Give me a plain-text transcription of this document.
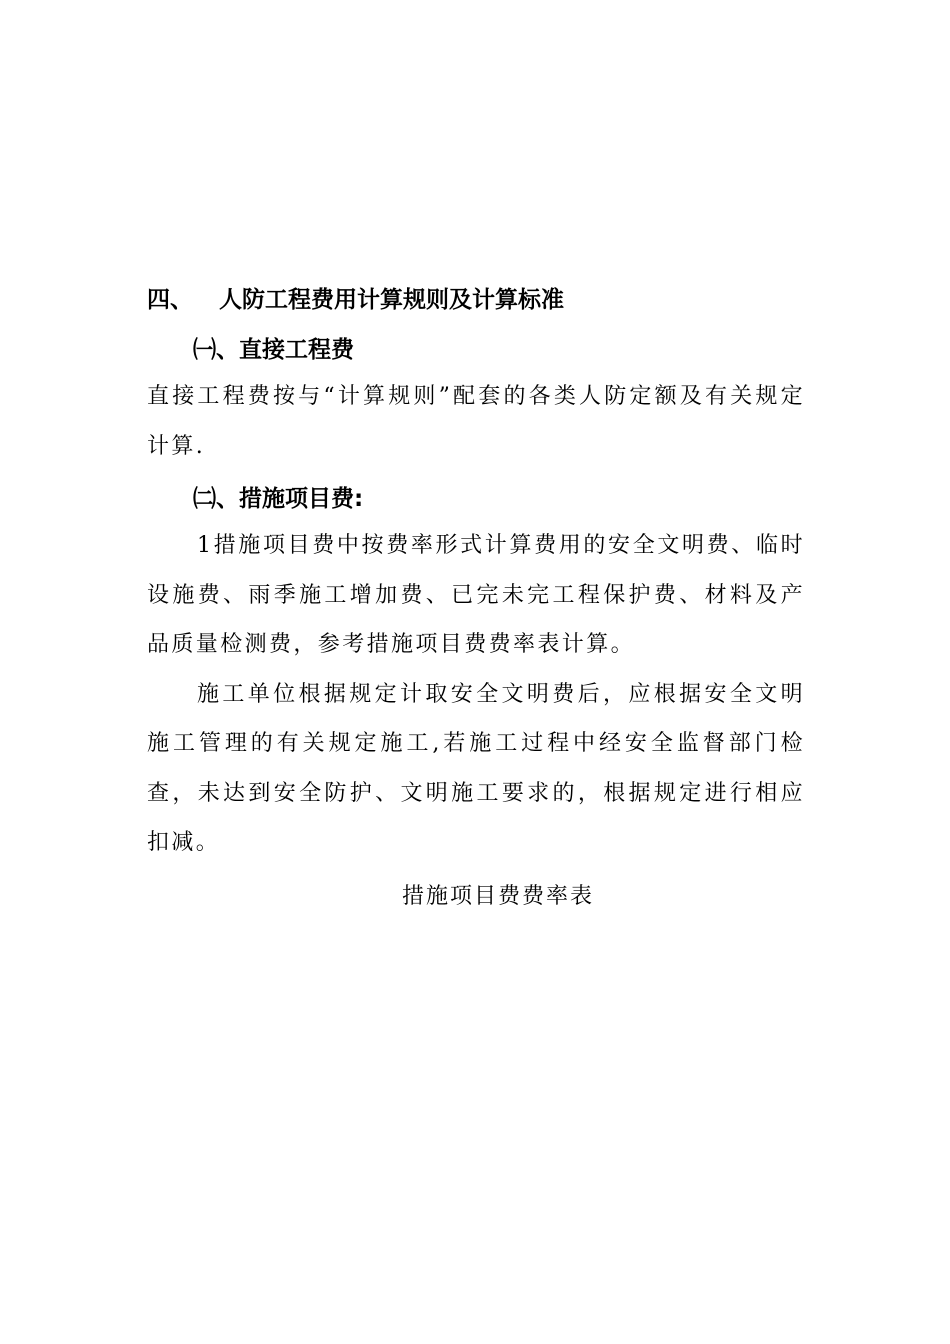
四、 人防工程费用计算规则及计算标准
㈠、直接工程费

直接工程费按与“计算规则”配套的各类人防定额及有关规定计算.

㈡、措施项目费:

1措施项目费中按费率形式计算费用的安全文明费、临时设施费、雨季施工增加费、已完未完工程保护费、材料及产品质量检测费，参考措施项目费费率表计算。

施工单位根据规定计取安全文明费后，应根据安全文明施工管理的有关规定施工,若施工过程中经安全监督部门检查，未达到安全防护、文明施工要求的，根据规定进行相应扣减。

措施项目费费率表
